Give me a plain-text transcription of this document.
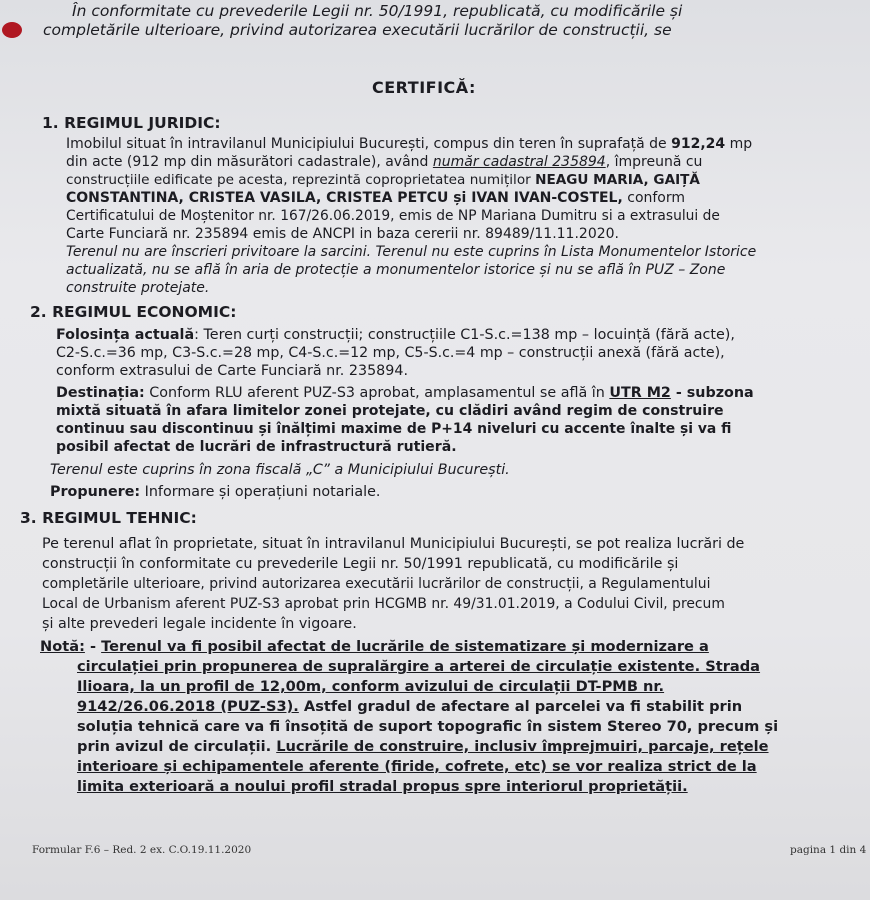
În conformitate cu prevederile Legii nr. 50/1991, republicată, cu modificările și
completările ulterioare, privind autorizarea executării lucrărilor de construcții, se
CERTIFICĂ:
1. REGIMUL JURIDIC:
Imobilul situat în intravilanul Municipiului București, compus din teren în suprafață de 912,24 mp
din acte (912 mp din măsurători cadastrale), având număr cadastral 235894, împreună cu
construcțiile edificate pe acesta, reprezintă coproprietatea numiților NEAGU MARIA, GAIȚĂ
CONSTANTINA, CRISTEA VASILA, CRISTEA PETCU și IVAN IVAN-COSTEL, conform
Certificatului de Moștenitor nr. 167/26.06.2019, emis de NP Mariana Dumitru si a extrasului de
Carte Funciară nr. 235894 emis de ANCPI in baza cererii nr. 89489/11.11.2020.
Terenul nu are înscrieri privitoare la sarcini. Terenul nu este cuprins în Lista Monumentelor Istorice
actualizată, nu se află în aria de protecție a monumentelor istorice și nu se află în PUZ – Zone
construite protejate.
2. REGIMUL ECONOMIC:
Folosința actuală: Teren curți construcții; construcțiile C1-S.c.=138 mp – locuință (fără acte),
C2-S.c.=36 mp, C3-S.c.=28 mp, C4-S.c.=12 mp, C5-S.c.=4 mp – construcții anexă (fără acte),
conform extrasului de Carte Funciară nr. 235894.
Destinația: Conform RLU aferent PUZ-S3 aprobat, amplasamentul se află în UTR M2 - subzona
mixtă situată în afara limitelor zonei protejate, cu clădiri având regim de construire
continuu sau discontinuu și înălțimi maxime de P+14 niveluri cu accente înalte și va fi
posibil afectat de lucrări de infrastructură rutieră.
Terenul este cuprins în zona fiscală „C” a Municipiului București.
Propunere: Informare și operațiuni notariale.
3. REGIMUL TEHNIC:
Pe terenul aflat în proprietate, situat în intravilanul Municipiului București, se pot realiza lucrări de
construcții în conformitate cu prevederile Legii nr. 50/1991 republicată, cu modificările și
completările ulterioare, privind autorizarea executării lucrărilor de construcții, a Regulamentului
Local de Urbanism aferent PUZ-S3 aprobat prin HCGMB nr. 49/31.01.2019, a Codului Civil, precum
și alte prevederi legale incidente în vigoare.
Notă: - Terenul va fi posibil afectat de lucrările de sistematizare și modernizare a
circulației prin propunerea de supralărgire a arterei de circulație existente. Strada
Ilioara, la un profil de 12,00m, conform avizului de circulații DT-PMB nr.
9142/26.06.2018 (PUZ-S3). Astfel gradul de afectare al parcelei va fi stabilit prin
soluția tehnică care va fi însoțită de suport topografic în sistem Stereo 70, precum și
prin avizul de circulații. Lucrările de construire, inclusiv împrejmuiri, parcaje, rețele
interioare și echipamentele aferente (firide, cofrete, etc) se vor realiza strict de la
limita exterioară a noului profil stradal propus spre interiorul proprietății.
Formular F.6 – Red. 2 ex. C.O.19.11.2020	pagina 1 din 4
